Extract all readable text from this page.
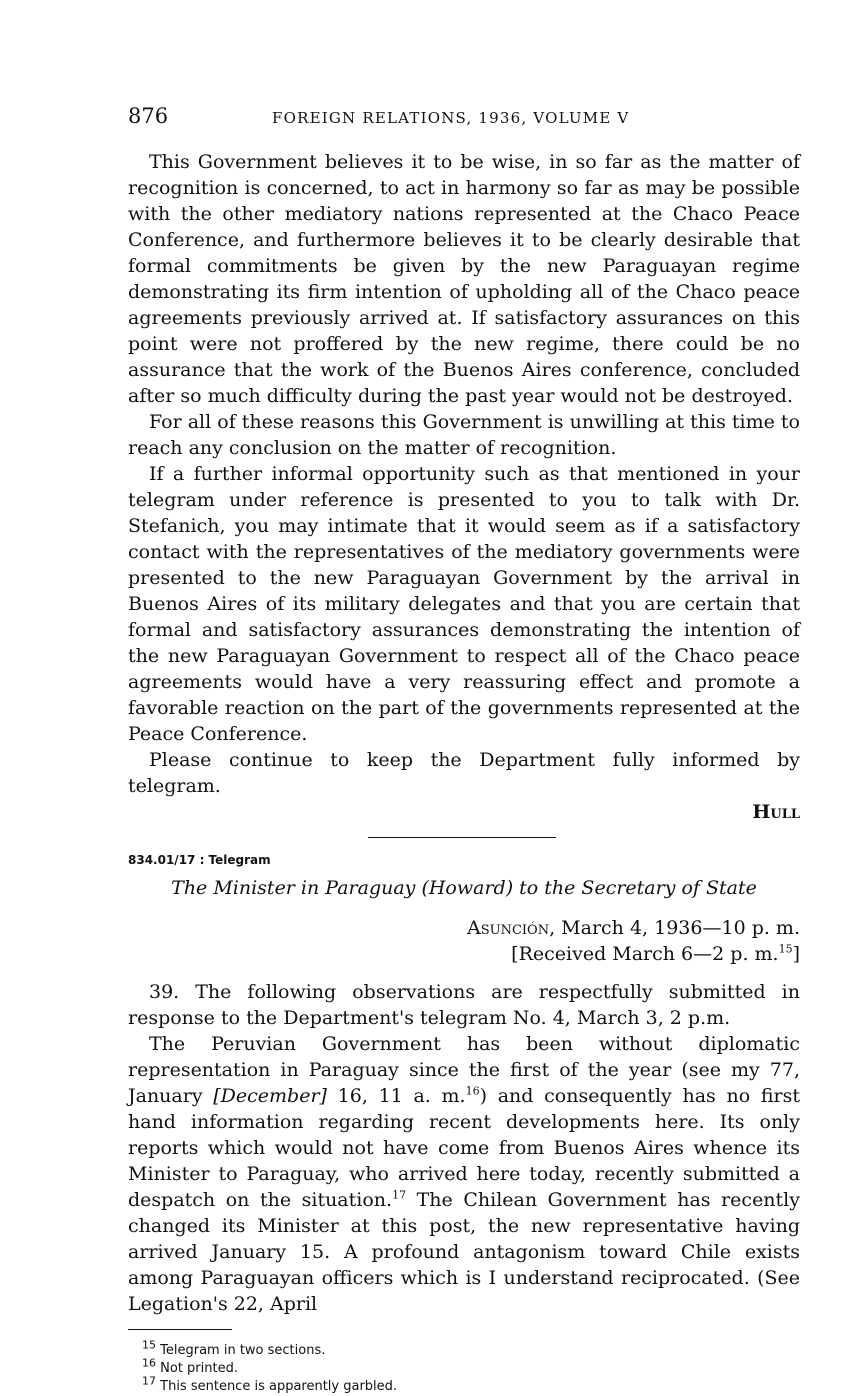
876	FOREIGN RELATIONS, 1936, VOLUME V

This Government believes it to be wise, in so far as the matter of recognition is concerned, to act in harmony so far as may be possible with the other mediatory nations represented at the Chaco Peace Conference, and furthermore believes it to be clearly desirable that formal commitments be given by the new Paraguayan regime demonstrating its firm intention of upholding all of the Chaco peace agreements previously arrived at. If satisfactory assurances on this point were not proffered by the new regime, there could be no assurance that the work of the Buenos Aires conference, concluded after so much difficulty during the past year would not be destroyed.

For all of these reasons this Government is unwilling at this time to reach any conclusion on the matter of recognition.

If a further informal opportunity such as that mentioned in your telegram under reference is presented to you to talk with Dr. Stefanich, you may intimate that it would seem as if a satisfactory contact with the representatives of the mediatory governments were presented to the new Paraguayan Government by the arrival in Buenos Aires of its military delegates and that you are certain that formal and satisfactory assurances demonstrating the intention of the new Paraguayan Government to respect all of the Chaco peace agreements would have a very reassuring effect and promote a favorable reaction on the part of the governments represented at the Peace Conference.

Please continue to keep the Department fully informed by telegram.

Hull
834.01/17 : Telegram
The Minister in Paraguay (Howard) to the Secretary of State
Asunción, March 4, 1936—10 p. m.
[Received March 6—2 p. m.$^{15}$]

39. The following observations are respectfully submitted in response to the Department's telegram No. 4, March 3, 2 p.m.

The Peruvian Government has been without diplomatic representation in Paraguay since the first of the year (see my 77, January [December] 16, 11 a. m.$^{16}$) and consequently has no first hand information regarding recent developments here. Its only reports which would not have come from Buenos Aires whence its Minister to Paraguay, who arrived here today, recently submitted a despatch on the situation.$^{17}$ The Chilean Government has recently changed its Minister at this post, the new representative having arrived January 15. A profound antagonism toward Chile exists among Paraguayan officers which is I understand reciprocated. (See Legation's 22, April

$^{15}$ Telegram in two sections.
$^{16}$ Not printed.
$^{17}$ This sentence is apparently garbled.
